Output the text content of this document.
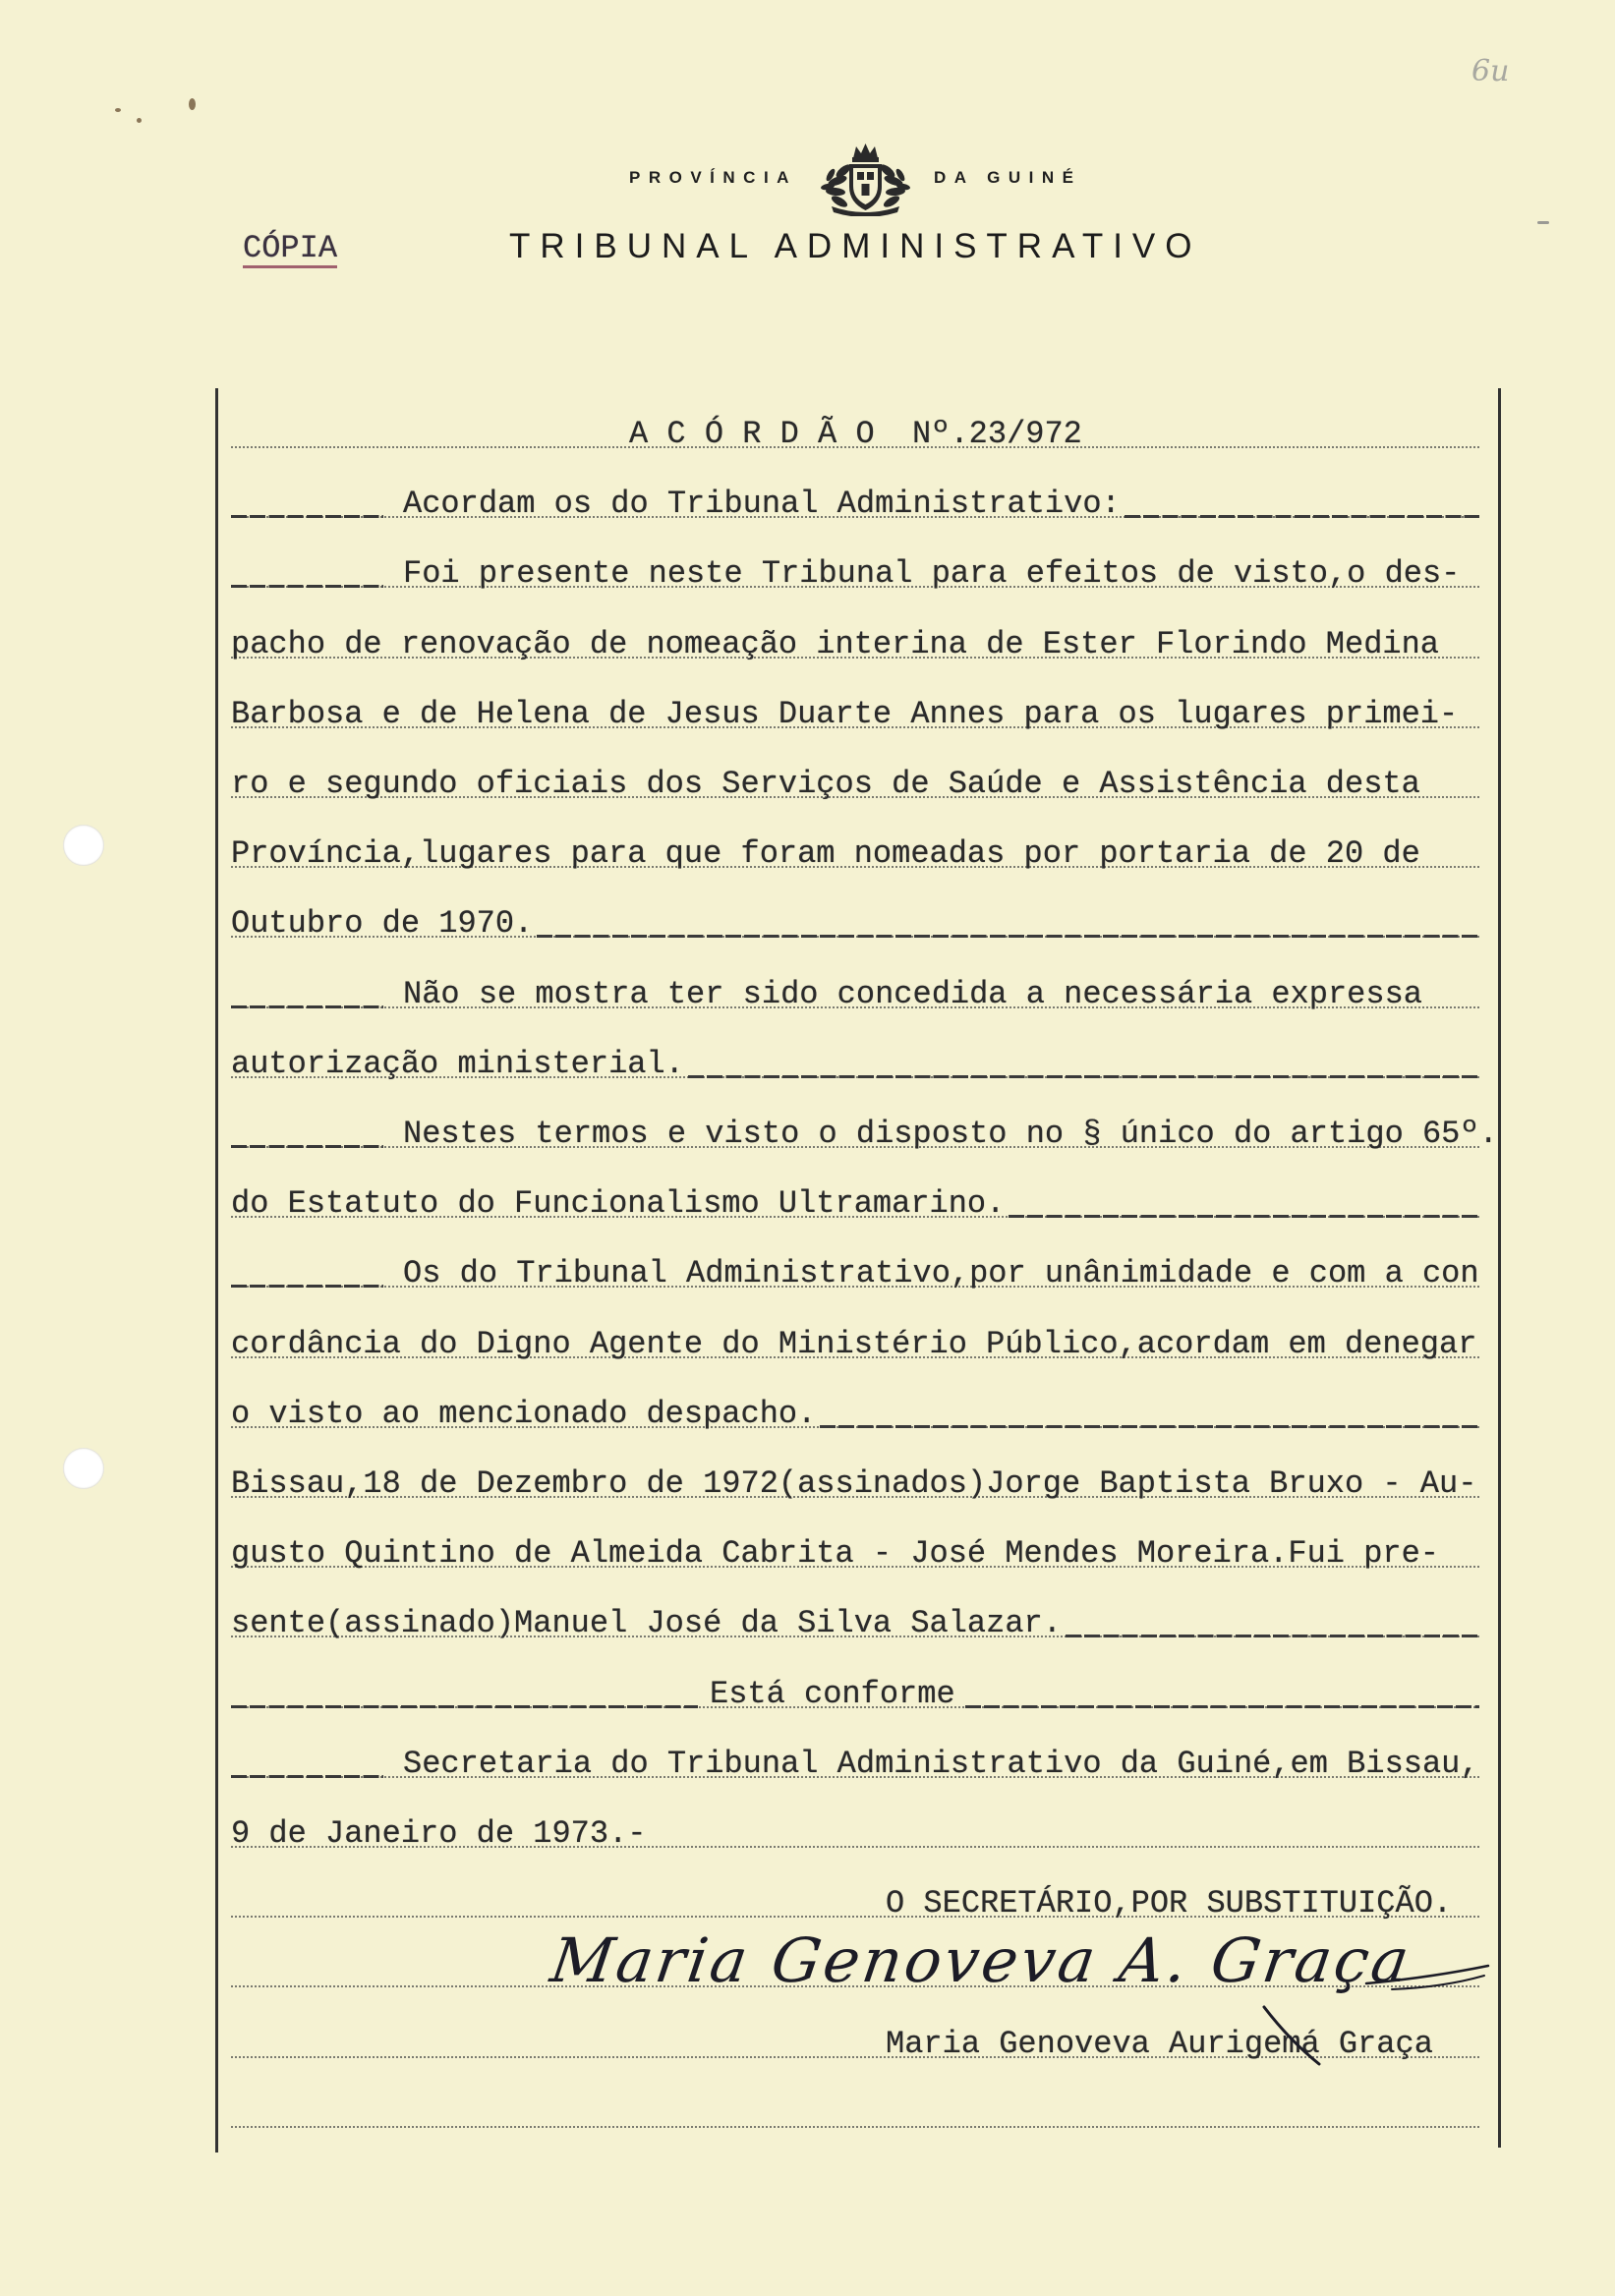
6u
PROVÍNCIA	DA GUINÉ
TRIBUNAL ADMINISTRATIVO
CÓPIA
A C Ó R D Ã O  Nº.23/972
Acordam os do Tribunal Administrativo:
Foi presente neste Tribunal para efeitos de visto,o des-
pacho de renovação de nomeação interina de Ester Florindo Medina
Barbosa e de Helena de Jesus Duarte Annes para os lugares primei-
ro e segundo oficiais dos Serviços de Saúde e Assistência desta
Província,lugares para que foram nomeadas por portaria de 20 de
Outubro de 1970.
Não se mostra ter sido concedida a necessária expressa
autorização ministerial.
Nestes termos e visto o disposto no § único do artigo 65º.
do Estatuto do Funcionalismo Ultramarino.
Os do Tribunal Administrativo,por unânimidade e com a con
cordância do Digno Agente do Ministério Público,acordam em denegar
o visto ao mencionado despacho.
Bissau,18 de Dezembro de 1972(assinados)Jorge Baptista Bruxo - Au-
gusto Quintino de Almeida Cabrita - José Mendes Moreira.Fui pre-
sente(assinado)Manuel José da Silva Salazar.
Está conforme
Secretaria do Tribunal Administrativo da Guiné,em Bissau,
9 de Janeiro de 1973.-
O SECRETÁRIO,POR SUBSTITUIÇÃO.
Maria Genoveva Aurigemá Graça
Maria Genoveva A. Graça
